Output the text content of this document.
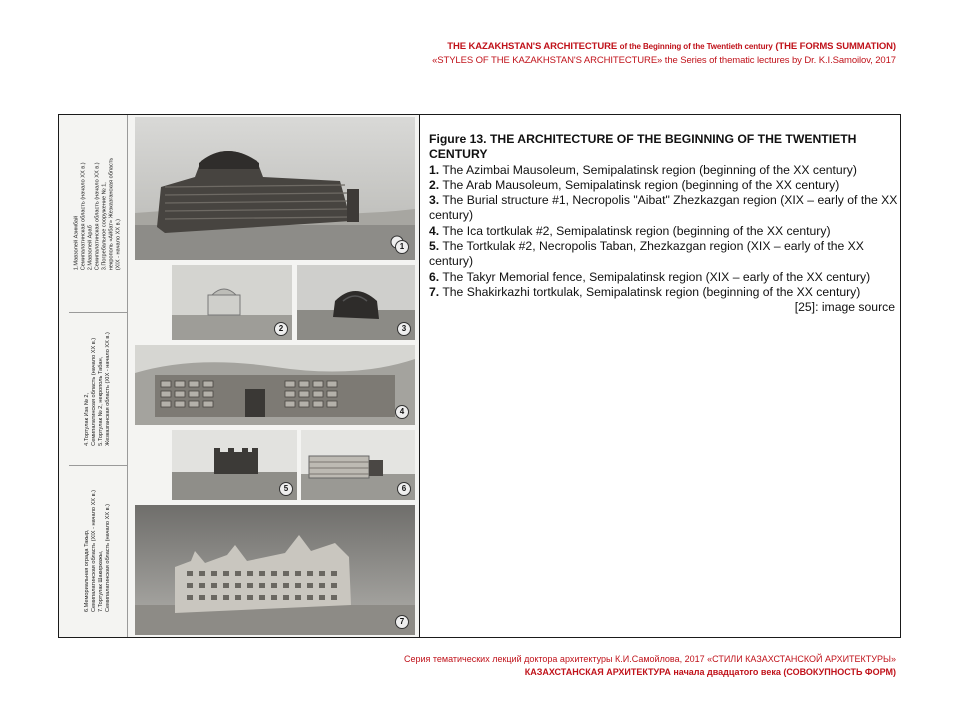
THE KAZAKHSTAN'S ARCHITECTURE of the Beginning of the Twentieth century (THE FORMS SUMMATION)
«STYLES OF THE KAZAKHSTAN'S ARCHITECTURE» the Series of thematic lectures by Dr. K.I.Samoilov, 2017
1.Мавзолей Азимбай
Семипалатинская область (начало XX в.)
2.Мавзолей Араб
Семипалатинская область (начало XX в.)
3.Погребальное сооружение № 1,
некрополь «Айбат» Жезказганская область
(XIX - начало XX в.)
4.Тортулак Иза № 2,
Семипалатинская область (начало XX в.)
5.Тортулак № 2, некрополь Табан,
Жезказганская область (XIX - начало XX в.)
6.Мемориальная ограда Такыр,
Семипалатинская область (XIX - начало XX в.)
7.Тортулак Шакиркажы,
Семипалатинская область (начало XX в.)
1
2	3
4
5	6
7

Figure 13. THE ARCHITECTURE OF THE BEGINNING OF THE TWENTIETH CENTURY

1. The Azimbai Mausoleum, Semipalatinsk region (beginning of the XX century)

2. The Arab Mausoleum, Semipalatinsk region (beginning of the XX century)

3. The Burial structure #1, Necropolis "Aibat" Zhezkazgan region (XIX – early of the XX century)

4. The Ica tortkulak #2, Semipalatinsk region (beginning of the XX century)

5. The Tortkulak #2, Necropolis Taban, Zhezkazgan region (XIX – early of the XX century)

6. The Takyr Memorial fence, Semipalatinsk region (XIX – early of the XX century)

7. The Shakirkazhi tortkulak, Semipalatinsk region (beginning of the XX century)

[25]: image source

Серия тематических лекций доктора архитектуры К.И.Самойлова, 2017 «СТИЛИ КАЗАХСТАНСКОЙ АРХИТЕКТУРЫ»
КАЗАХСТАНСКАЯ АРХИТЕКТУРА начала двадцатого века (СОВОКУПНОСТЬ ФОРМ)
